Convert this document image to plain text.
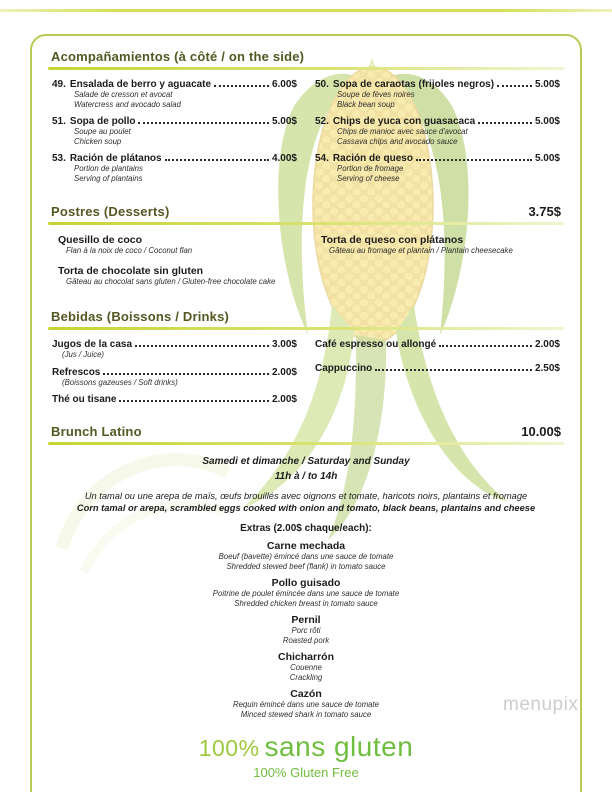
Acompañamientos (à côté / on the side)
49. Ensalada de berro y aguacate	6.00$
Salade de cresson et avocat
Watercress and avocado salad
51. Sopa de pollo	5.00$
Soupe au poulet
Chicken soup
53. Ración de plátanos	4.00$
Portion de plantains
Serving of plantains
50. Sopa de caraotas (frijoles negros)	5.00$
Soupe de fèves noires
Black bean soup
52. Chips de yuca con guasacaca	5.00$
Chips de manioc avec sauce d'avocat
Cassava chips and avocado sauce
54. Ración de queso	5.00$
Portion de fromage
Serving of cheese
Postres (Desserts)	3.75$
Quesillo de coco
Flan à la noix de coco / Coconut flan
Torta de chocolate sin gluten
Gâteau au chocolat sans gluten / Gluten-free chocolate cake
Torta de queso con plátanos
Gâteau au fromage et plantain / Plantain cheesecake
Bebidas (Boissons / Drinks)
Jugos de la casa	3.00$
(Jus / Juice)
Refrescos	2.00$
(Boissons gazeuses / Soft drinks)
Thé ou tisane	2.00$
Café espresso ou allongé	2.00$
Cappuccino	2.50$
Brunch Latino	10.00$
Samedi et dimanche / Saturday and Sunday
11h à / to 14h
Un tamal ou une arepa de maïs, œufs brouillés avec oignons et tomate, haricots noirs, plantains et fromage
Corn tamal or arepa, scrambled eggs cooked with onion and tomato, black beans, plantains and cheese
Extras (2.00$ chaque/each):
Carne mechada
Boeuf (bavette) émincé dans une sauce de tomate
Shredded stewed beef (flank) in tomato sauce
Pollo guisado
Poitrine de poulet émincée dans une sauce de tomate
Shredded chicken breast in tomato sauce
Pernil
Porc rôti
Roasted pork
Chicharrón
Couenne
Crackling
Cazón
Requin émincé dans une sauce de tomate
Minced stewed shark in tomato sauce
100% sans gluten
100% Gluten Free
menupix
